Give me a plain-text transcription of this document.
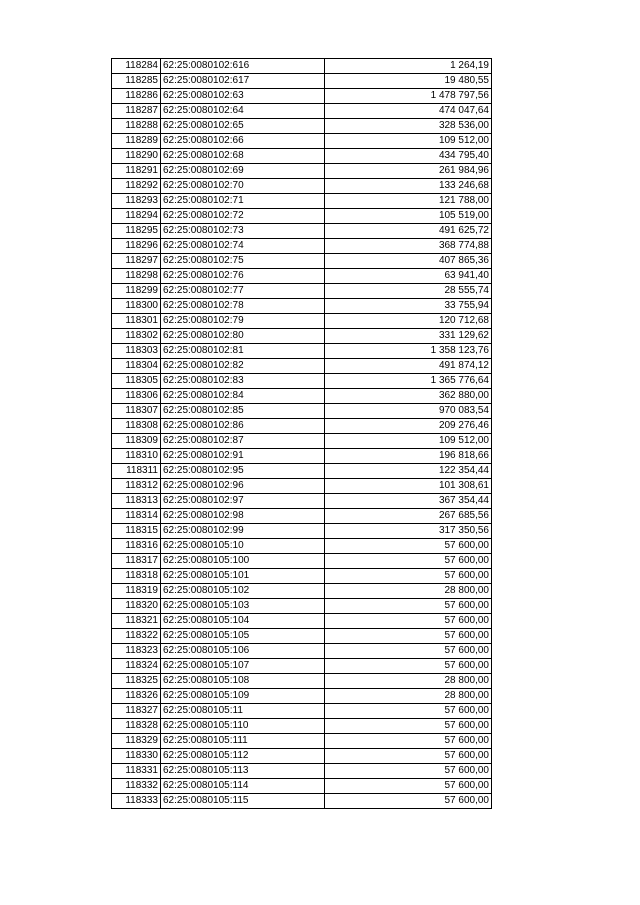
118284	62:25:0080102:616	1 264,19
118285	62:25:0080102:617	19 480,55
118286	62:25:0080102:63	1 478 797,56
118287	62:25:0080102:64	474 047,64
118288	62:25:0080102:65	328 536,00
118289	62:25:0080102:66	109 512,00
118290	62:25:0080102:68	434 795,40
118291	62:25:0080102:69	261 984,96
118292	62:25:0080102:70	133 246,68
118293	62:25:0080102:71	121 788,00
118294	62:25:0080102:72	105 519,00
118295	62:25:0080102:73	491 625,72
118296	62:25:0080102:74	368 774,88
118297	62:25:0080102:75	407 865,36
118298	62:25:0080102:76	63 941,40
118299	62:25:0080102:77	28 555,74
118300	62:25:0080102:78	33 755,94
118301	62:25:0080102:79	120 712,68
118302	62:25:0080102:80	331 129,62
118303	62:25:0080102:81	1 358 123,76
118304	62:25:0080102:82	491 874,12
118305	62:25:0080102:83	1 365 776,64
118306	62:25:0080102:84	362 880,00
118307	62:25:0080102:85	970 083,54
118308	62:25:0080102:86	209 276,46
118309	62:25:0080102:87	109 512,00
118310	62:25:0080102:91	196 818,66
118311	62:25:0080102:95	122 354,44
118312	62:25:0080102:96	101 308,61
118313	62:25:0080102:97	367 354,44
118314	62:25:0080102:98	267 685,56
118315	62:25:0080102:99	317 350,56
118316	62:25:0080105:10	57 600,00
118317	62:25:0080105:100	57 600,00
118318	62:25:0080105:101	57 600,00
118319	62:25:0080105:102	28 800,00
118320	62:25:0080105:103	57 600,00
118321	62:25:0080105:104	57 600,00
118322	62:25:0080105:105	57 600,00
118323	62:25:0080105:106	57 600,00
118324	62:25:0080105:107	57 600,00
118325	62:25:0080105:108	28 800,00
118326	62:25:0080105:109	28 800,00
118327	62:25:0080105:11	57 600,00
118328	62:25:0080105:110	57 600,00
118329	62:25:0080105:111	57 600,00
118330	62:25:0080105:112	57 600,00
118331	62:25:0080105:113	57 600,00
118332	62:25:0080105:114	57 600,00
118333	62:25:0080105:115	57 600,00
